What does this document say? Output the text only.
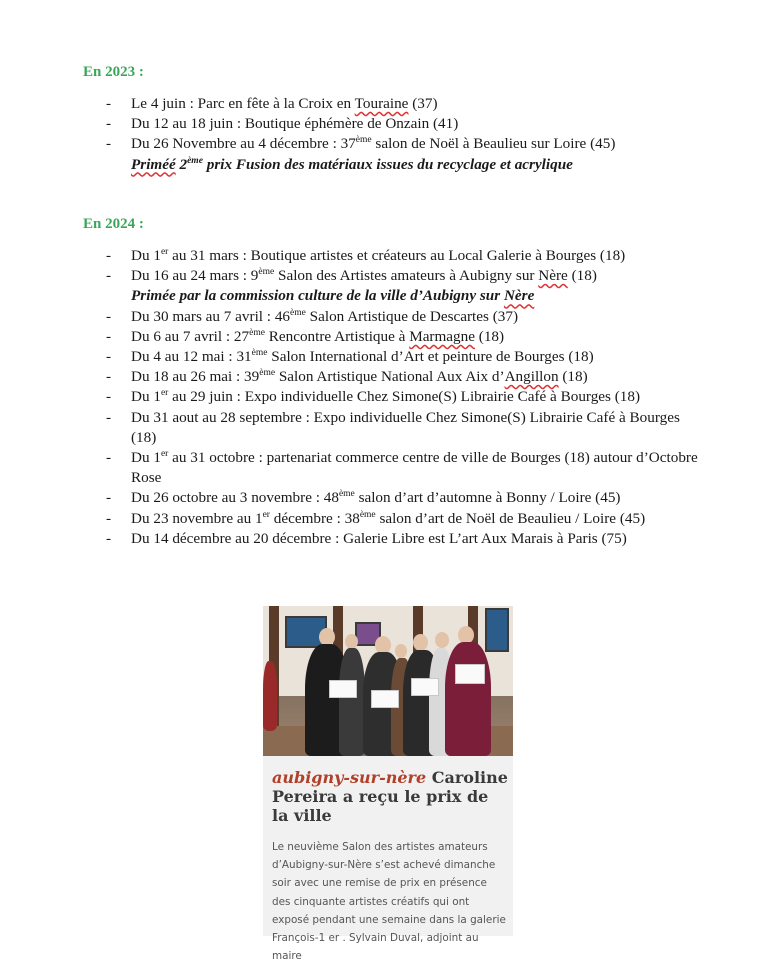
En 2023 :
- Le 4 juin : Parc en fête à la Croix en Touraine (37)
- Du 12 au 18 juin : Boutique éphémère de Onzain (41)
- Du 26 Novembre au 4 décembre : 37ème salon de Noël à Beaulieu sur Loire (45)
Priméé 2ème prix Fusion des matériaux issues du recyclage et acrylique
En 2024 :
- Du 1er au 31 mars : Boutique artistes et créateurs au Local Galerie à Bourges (18)
- Du 16 au 24 mars : 9ème Salon des Artistes amateurs à Aubigny sur Nère (18)
Primée par la commission culture de la ville d’Aubigny sur Nère
- Du 30 mars au 7 avril : 46ème Salon Artistique de Descartes (37)
- Du 6 au 7 avril : 27ème Rencontre Artistique à Marmagne (18)
- Du 4 au 12 mai : 31ème Salon International d’Art et peinture de Bourges (18)
- Du 18 au 26 mai : 39ème Salon Artistique National Aux Aix d’Angillon (18)
- Du 1er au 29 juin : Expo individuelle Chez Simone(S) Librairie Café à Bourges (18)
- Du 31 aout au 28 septembre : Expo individuelle Chez Simone(S) Librairie Café à Bourges (18)
- Du 1er au 31 octobre : partenariat commerce centre de ville de Bourges (18) autour d’Octobre Rose
- Du 26 octobre au 3 novembre : 48ème salon d’art d’automne à Bonny / Loire (45)
- Du 23 novembre au 1er décembre : 38ème salon d’art de Noël de Beaulieu / Loire (45)
- Du 14 décembre au 20 décembre : Galerie Libre est L’art Aux Marais à Paris (75)
aubigny-sur-nère Caroline Pereira a reçu le prix de la ville
Le neuvième Salon des artistes amateurs d’Aubigny-sur-Nère s’est achevé dimanche soir avec une remise de prix en présence des cinquante artistes créatifs qui ont exposé pendant une semaine dans la galerie François-1 er . Sylvain Duval, adjoint au maire
